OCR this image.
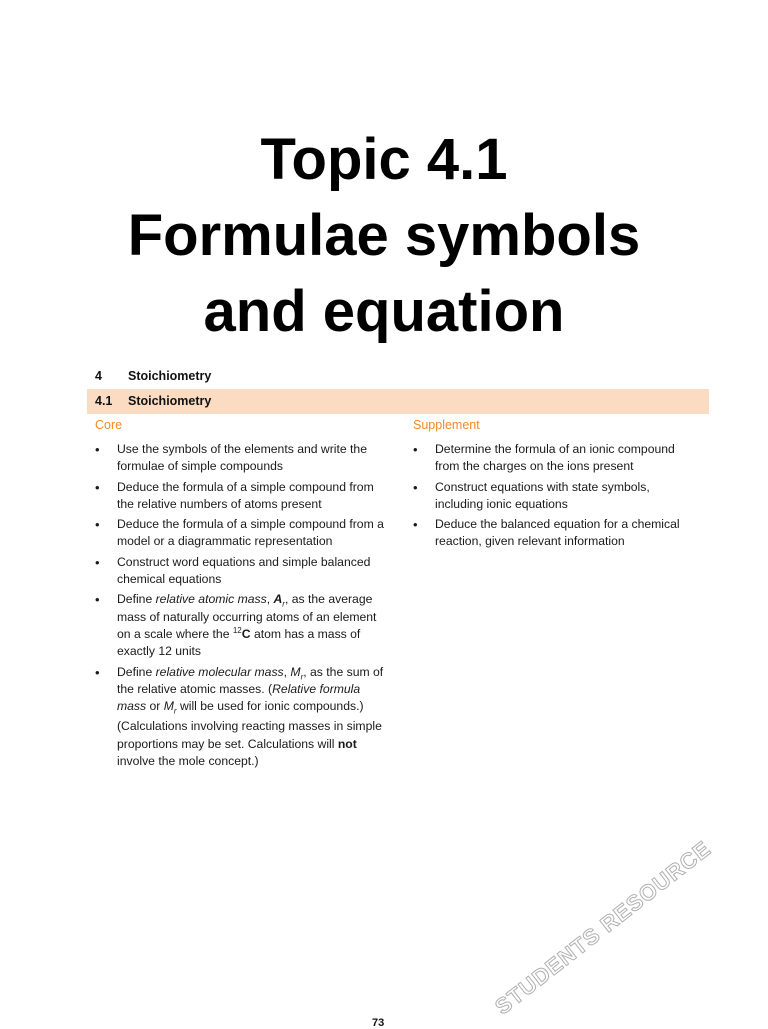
Topic 4.1
Formulae symbols
and equation
4 Stoichiometry
4.1 Stoichiometry
Core	Supplement
• Use the symbols of the elements and write the formulae of simple compounds
• Deduce the formula of a simple compound from the relative numbers of atoms present
• Deduce the formula of a simple compound from a model or a diagrammatic representation
• Construct word equations and simple balanced chemical equations
• Define relative atomic mass, $A_r$, as the average mass of naturally occurring atoms of an element on a scale where the $^{12}$C atom has a mass of exactly 12 units
• Define relative molecular mass, $M_r$, as the sum of the relative atomic masses. (Relative formula mass or $M_r$ will be used for ionic compounds.)
(Calculations involving reacting masses in simple proportions may be set. Calculations will not involve the mole concept.)
• Determine the formula of an ionic compound from the charges on the ions present
• Construct equations with state symbols, including ionic equations
• Deduce the balanced equation for a chemical reaction, given relevant information
STUDENTS RESOURCE
73
